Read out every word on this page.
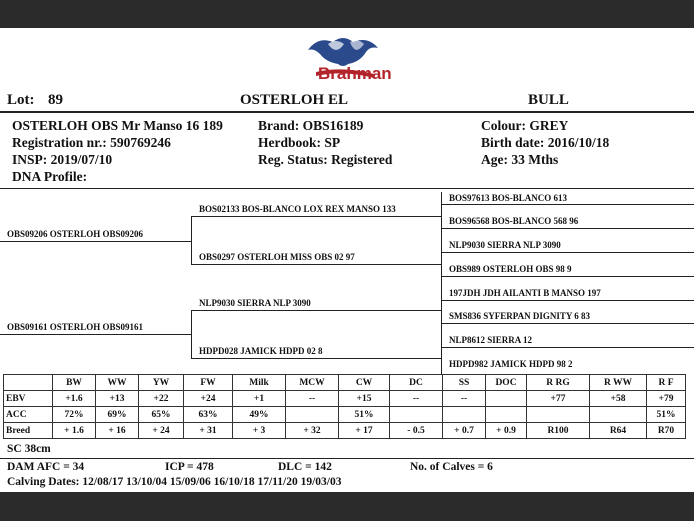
Brahman
Lot: 89	OSTERLOH EL	BULL
OSTERLOH OBS Mr Manso 16 189	Brand: OBS16189	Colour: GREY
Registration nr.: 590769246	Herdbook: SP	Birth date: 2016/10/18
INSP: 2019/07/10	Reg. Status: Registered	Age: 33 Mths
DNA Profile:
OBS09206 OSTERLOH OBS09206
OBS09161 OSTERLOH OBS09161
BOS02133 BOS-BLANCO LOX REX MANSO 133
OBS0297 OSTERLOH MISS OBS 02 97
NLP9030 SIERRA NLP 3090
HDPD028 JAMICK HDPD 02 8
BOS97613 BOS-BLANCO 613
BOS96568 BOS-BLANCO 568 96
NLP9030 SIERRA NLP 3090
OBS989 OSTERLOH OBS 98 9
197JDH JDH AILANTI B MANSO 197
SMS836 SYFERPAN DIGNITY 6 83
NLP8612 SIERRA 12
HDPD982 JAMICK HDPD 98 2
	BW	WW	YW	FW	Milk	MCW	CW	DC	SS	DOC	R RG	R WW	R F
EBV	+1.6	+13	+22	+24	+1	--	+15	--	--		+77	+58	+79
ACC	72%	69%	65%	63%	49%		51%						51%
Breed	+ 1.6	+ 16	+ 24	+ 31	+ 3	+ 32	+ 17	- 0.5	+ 0.7	+ 0.9	R100	R64	R70
SC 38cm
DAM AFC = 34	ICP = 478	DLC = 142	No. of Calves = 6
Calving Dates: 12/08/17 13/10/04 15/09/06 16/10/18 17/11/20 19/03/03
